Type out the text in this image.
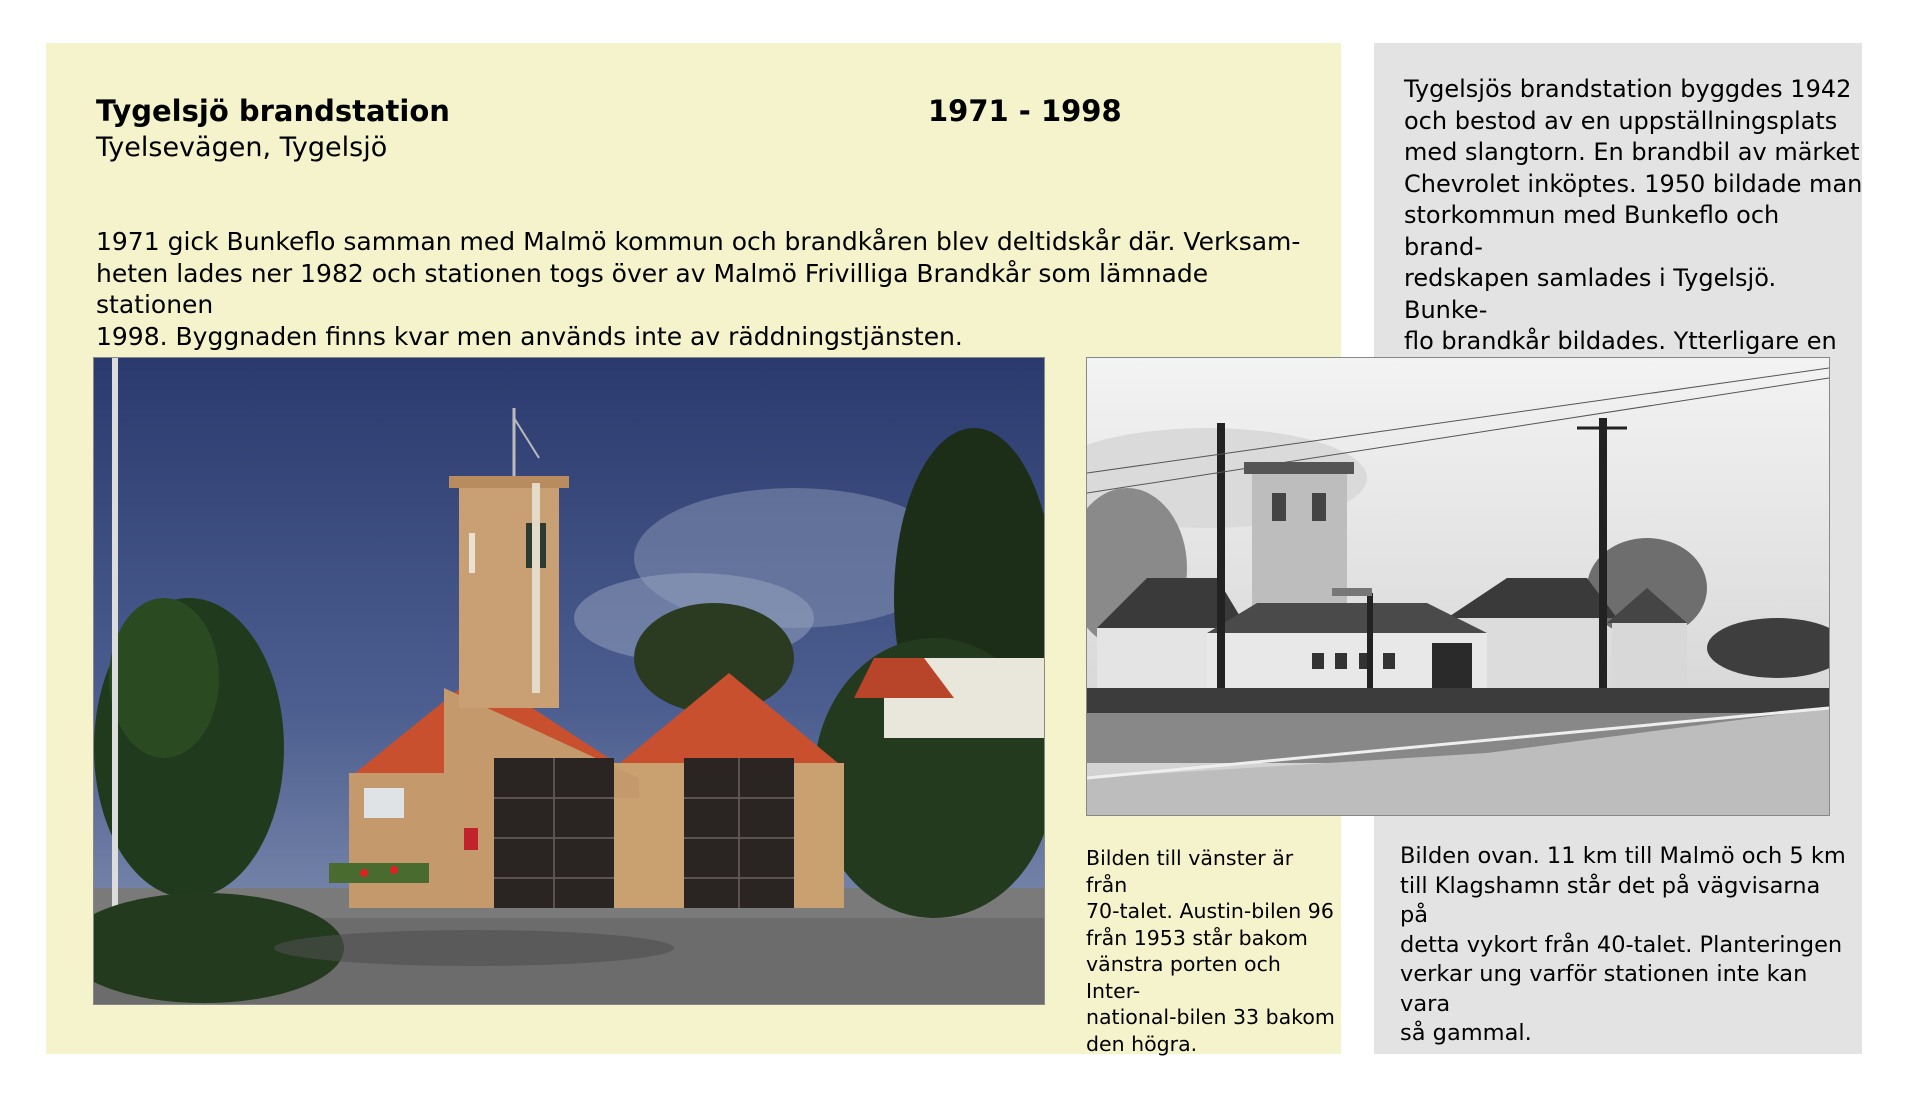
Tygelsjö brandstation
Tyelsevägen, Tygelsjö
1971 - 1998

1971 gick Bunkeflo samman med Malmö kommun och brandkåren blev deltidskår där. Verksam-
heten lades ner 1982 och stationen togs över av Malmö Frivilliga Brandkår som lämnade stationen
1998. Byggnaden finns kvar men används inte av räddningstjänsten.

Tygelsjös brandstation byggdes 1942
och bestod av en uppställningsplats
med slangtorn. En brandbil av märket
Chevrolet inköptes. 1950 bildade man
storkommun med Bunkeflo och brand-
redskapen samlades i Tygelsjö. Bunke-
flo brandkår bildades. Ytterligare en

Bilden till vänster är från
70-talet. Austin-bilen 96
från 1953 står bakom
vänstra porten och Inter-
national-bilen 33 bakom
den högra.

Bilden ovan. 11 km till Malmö och 5 km
till Klagshamn står det på vägvisarna på
detta vykort från 40-talet. Planteringen
verkar ung varför stationen inte kan vara
så gammal.
